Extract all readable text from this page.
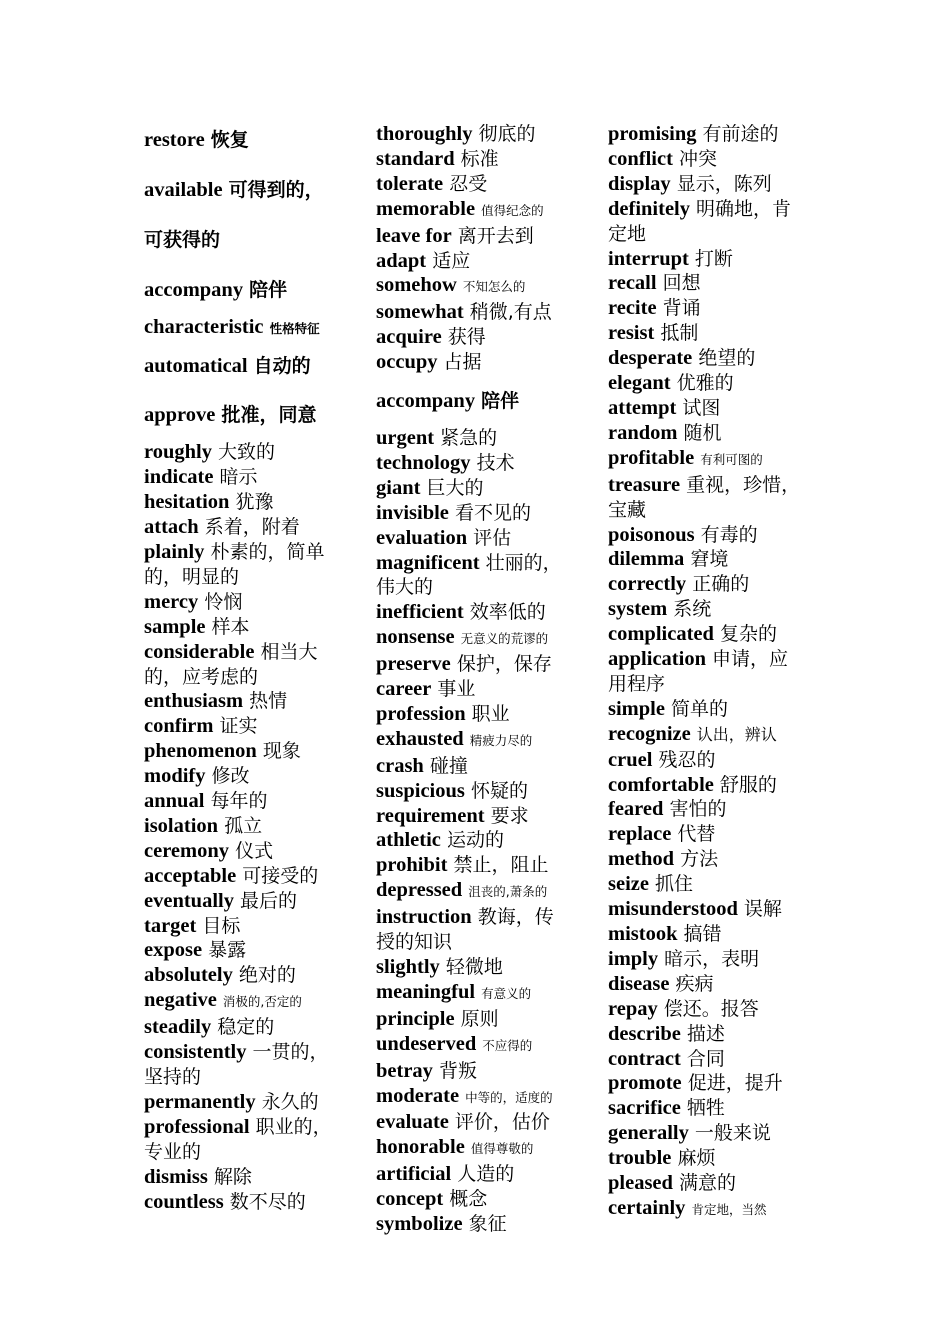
restore 恢复

available 可得到的，

可获得的

accompany 陪伴

characteristic 性格特征

automatical 自动的

approve 批准，同意

roughly 大致的

indicate 暗示

hesitation 犹豫

attach 系着，附着

plainly 朴素的，简单

的，明显的

mercy 怜悯

sample 样本

considerable 相当大

的，应考虑的

enthusiasm 热情

confirm 证实

phenomenon 现象

modify 修改

annual 每年的

isolation 孤立

ceremony 仪式

acceptable 可接受的

eventually 最后的

target 目标

expose 暴露

absolutely 绝对的

negative 消极的,否定的

steadily 稳定的

consistently 一贯的，

坚持的

permanently 永久的

professional 职业的，

专业的

dismiss 解除

countless 数不尽的

thoroughly 彻底的

standard 标准

tolerate 忍受

memorable 值得纪念的

leave for 离开去到

adapt 适应

somehow 不知怎么的

somewhat 稍微,有点

acquire 获得

occupy 占据

accompany 陪伴

urgent 紧急的

technology 技术

giant 巨大的

invisible 看不见的

evaluation 评估

magnificent 壮丽的，

伟大的

inefficient 效率低的

nonsense 无意义的荒谬的

preserve 保护，保存

career 事业

profession 职业

exhausted 精疲力尽的

crash 碰撞

suspicious 怀疑的

requirement 要求

athletic 运动的

prohibit 禁止，阻止

depressed 沮丧的,萧条的

instruction 教诲，传

授的知识

slightly 轻微地

meaningful 有意义的

principle 原则

undeserved 不应得的

betray 背叛

moderate 中等的，适度的

evaluate 评价，估价

honorable 值得尊敬的

artificial 人造的

concept 概念

symbolize 象征

promising 有前途的

conflict 冲突

display 显示，陈列

definitely 明确地，肯

定地

interrupt 打断

recall 回想

recite 背诵

resist 抵制

desperate 绝望的

elegant 优雅的

attempt 试图

random 随机

profitable 有利可图的

treasure 重视，珍惜，

宝藏

poisonous 有毒的

dilemma 窘境

correctly 正确的

system 系统

complicated 复杂的

application 申请，应

用程序

simple 简单的

recognize 认出，辨认

cruel 残忍的

comfortable 舒服的

feared 害怕的

replace 代替

method 方法

seize 抓住

misunderstood 误解

mistook 搞错

imply 暗示，表明

disease 疾病

repay 偿还。报答

describe 描述

contract 合同

promote 促进，提升

sacrifice 牺牲

generally 一般来说

trouble 麻烦

pleased 满意的

certainly 肯定地，当然
